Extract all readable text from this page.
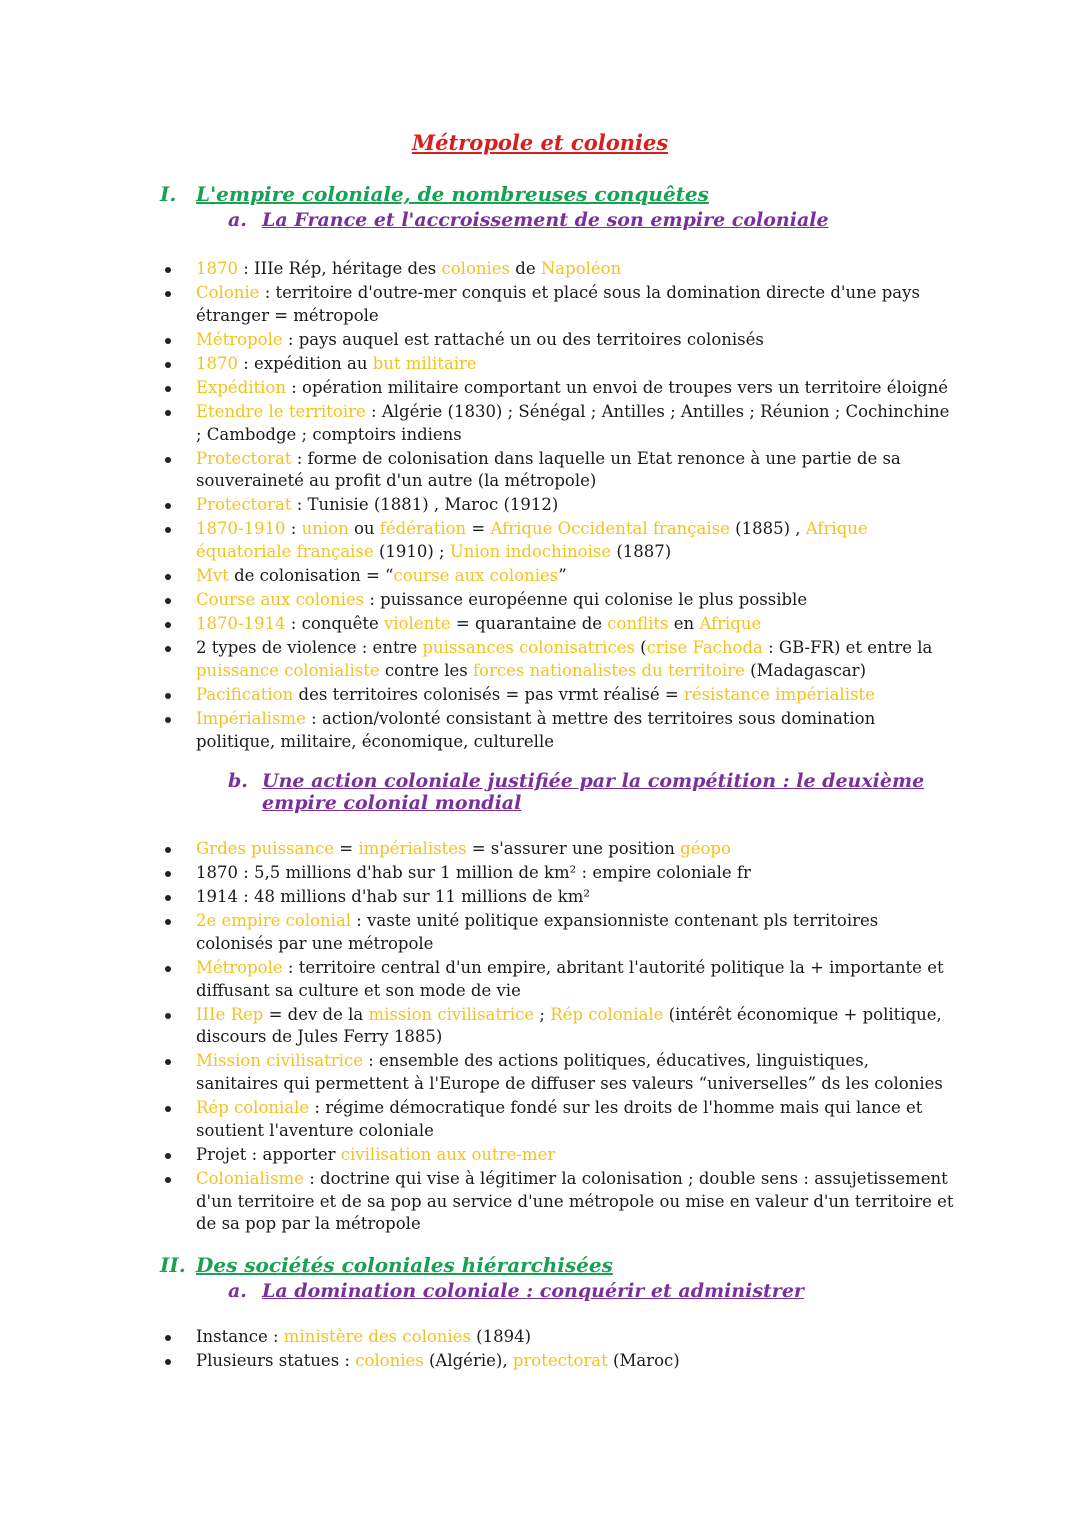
Métropole et colonies
I. L'empire coloniale, de nombreuses conquêtes
a. La France et l'accroissement de son empire coloniale
1870 : IIIe Rép, héritage des colonies de Napoléon
Colonie : territoire d'outre-mer conquis et placé sous la domination directe d'une pays étranger = métropole
Métropole : pays auquel est rattaché un ou des territoires colonisés
1870 : expédition au but militaire
Expédition : opération militaire comportant un envoi de troupes vers un territoire éloigné
Etendre le territoire : Algérie (1830) ; Sénégal ; Antilles ; Antilles ; Réunion ; Cochinchine ; Cambodge ; comptoirs indiens
Protectorat : forme de colonisation dans laquelle un Etat renonce à une partie de sa souveraineté au profit d'un autre (la métropole)
Protectorat : Tunisie (1881) , Maroc (1912)
1870-1910 : union ou fédération = Afrique Occidental française (1885) , Afrique équatoriale française (1910) ; Union indochinoise (1887)
Mvt de colonisation = “course aux colonies”
Course aux colonies : puissance européenne qui colonise le plus possible
1870-1914 : conquête violente = quarantaine de conflits en Afrique
2 types de violence : entre puissances colonisatrices (crise Fachoda : GB-FR) et entre la puissance colonialiste contre les forces nationalistes du territoire (Madagascar)
Pacification des territoires colonisés = pas vrmt réalisé = résistance impérialiste
Impérialisme : action/volonté consistant à mettre des territoires sous domination politique, militaire, économique, culturelle
b. Une action coloniale justifiée par la compétition : le deuxième empire colonial mondial
Grdes puissance = impérialistes = s'assurer une position géopo
1870 : 5,5 millions d'hab sur 1 million de km² : empire coloniale fr
1914 : 48 millions d'hab sur 11 millions de km²
2e empire colonial : vaste unité politique expansionniste contenant pls territoires colonisés par une métropole
Métropole : territoire central d'un empire, abritant l'autorité politique la + importante et diffusant sa culture et son mode de vie
IIIe Rep = dev de la mission civilisatrice ; Rép coloniale (intérêt économique + politique, discours de Jules Ferry 1885)
Mission civilisatrice : ensemble des actions politiques, éducatives, linguistiques, sanitaires qui permettent à l'Europe de diffuser ses valeurs “universelles” ds les colonies
Rép coloniale : régime démocratique fondé sur les droits de l'homme mais qui lance et soutient l'aventure coloniale
Projet : apporter civilisation aux outre-mer
Colonialisme : doctrine qui vise à légitimer la colonisation ; double sens : assujetissement d'un territoire et de sa pop au service d'une métropole ou mise en valeur d'un territoire et de sa pop par la métropole
II. Des sociétés coloniales hiérarchisées
a. La domination coloniale : conquérir et administrer
Instance : ministère des colonies (1894)
Plusieurs statues : colonies (Algérie), protectorat (Maroc)
